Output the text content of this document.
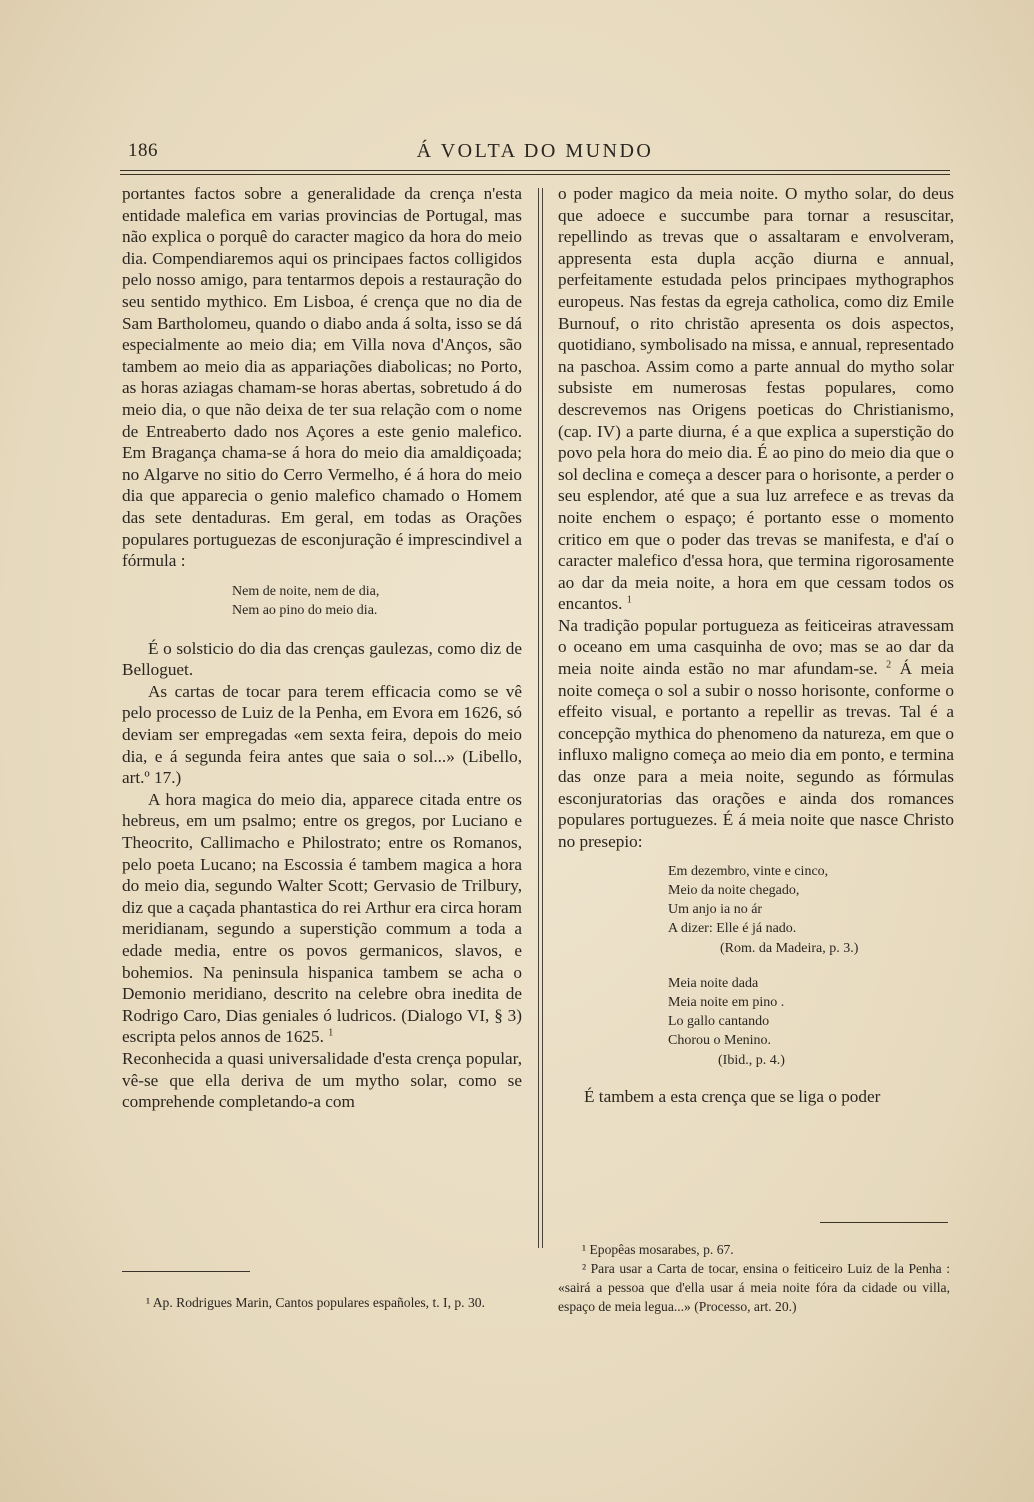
186	Á VOLTA DO MUNDO

portantes factos sobre a generalidade da crença n'esta entidade malefica em varias provincias de Portugal, mas não explica o porquê do caracter magico da hora do meio dia. Compendiaremos aqui os principaes factos colligidos pelo nosso amigo, para tentarmos depois a restauração do seu sentido mythico. Em Lisboa, é crença que no dia de Sam Bartholomeu, quando o diabo anda á solta, isso se dá especialmente ao meio dia; em Villa nova d'Anços, são tambem ao meio dia as appariações diabolicas; no Porto, as horas aziagas chamam-se horas abertas, sobretudo á do meio dia, o que não deixa de ter sua relação com o nome de Entreaberto dado nos Açores a este genio malefico. Em Bragança chama-se á hora do meio dia amaldiçoada; no Algarve no sitio do Cerro Vermelho, é á hora do meio dia que apparecia o genio malefico chamado o Homem das sete dentaduras. Em geral, em todas as Orações populares portuguezas de esconjuração é imprescindivel a fórmula :

Nem de noite, nem de dia,
Nem ao pino do meio dia.

É o solsticio do dia das crenças gaulezas, como diz de Belloguet.

As cartas de tocar para terem efficacia como se vê pelo processo de Luiz de la Penha, em Evora em 1626, só deviam ser empregadas «em sexta feira, depois do meio dia, e á segunda feira antes que saia o sol...» (Libello, art.º 17.)

A hora magica do meio dia, apparece citada entre os hebreus, em um psalmo; entre os gregos, por Luciano e Theocrito, Callimacho e Philostrato; entre os Romanos, pelo poeta Lucano; na Escossia é tambem magica a hora do meio dia, segundo Walter Scott; Gervasio de Trilbury, diz que a caçada phantastica do rei Arthur era circa horam meridianam, segundo a superstição commum a toda a edade media, entre os povos germanicos, slavos, e bohemios. Na peninsula hispanica tambem se acha o Demonio meridiano, descrito na celebre obra inedita de Rodrigo Caro, Dias geniales ó ludricos. (Dialogo VI, § 3) escripta pelos annos de 1625. $^1$

Reconhecida a quasi universalidade d'esta crença popular, vê-se que ella deriva de um mytho solar, como se comprehende completando-a com

o poder magico da meia noite. O mytho solar, do deus que adoece e succumbe para tornar a resuscitar, repellindo as trevas que o assaltaram e envolveram, appresenta esta dupla acção diurna e annual, perfeitamente estudada pelos principaes mythographos europeus. Nas festas da egreja catholica, como diz Emile Burnouf, o rito christão apresenta os dois aspectos, quotidiano, symbolisado na missa, e annual, representado na paschoa. Assim como a parte annual do mytho solar subsiste em numerosas festas populares, como descrevemos nas Origens poeticas do Christianismo, (cap. IV) a parte diurna, é a que explica a superstição do povo pela hora do meio dia. É ao pino do meio dia que o sol declina e começa a descer para o horisonte, a perder o seu esplendor, até que a sua luz arrefece e as trevas da noite enchem o espaço; é portanto esse o momento critico em que o poder das trevas se manifesta, e d'aí o caracter malefico d'essa hora, que termina rigorosamente ao dar da meia noite, a hora em que cessam todos os encantos. $^1$

Na tradição popular portugueza as feiticeiras atravessam o oceano em uma casquinha de ovo; mas se ao dar da meia noite ainda estão no mar afundam-se. $^2$ Á meia noite começa o sol a subir o nosso horisonte, conforme o effeito visual, e portanto a repellir as trevas. Tal é a concepção mythica do phenomeno da natureza, em que o influxo maligno começa ao meio dia em ponto, e termina das onze para a meia noite, segundo as fórmulas esconjuratorias das orações e ainda dos romances populares portuguezes. É á meia noite que nasce Christo no presepio:

Em dezembro, vinte e cinco,
Meio da noite chegado,
Um anjo ia no ár
A dizer: Elle é já nado.

(Rom. da Madeira, p. 3.)

Meia noite dada
Meia noite em pino .
Lo gallo cantando
Chorou o Menino.

(Ibid., p. 4.)

É tambem a esta crença que se liga o poder

¹ Ap. Rodrigues Marin, Cantos populares españoles, t. I, p. 30.

¹ Epopêas mosarabes, p. 67.

² Para usar a Carta de tocar, ensina o feiticeiro Luiz de la Penha : «sairá a pessoa que d'ella usar á meia noite fóra da cidade ou villa, espaço de meia legua...» (Processo, art. 20.)
